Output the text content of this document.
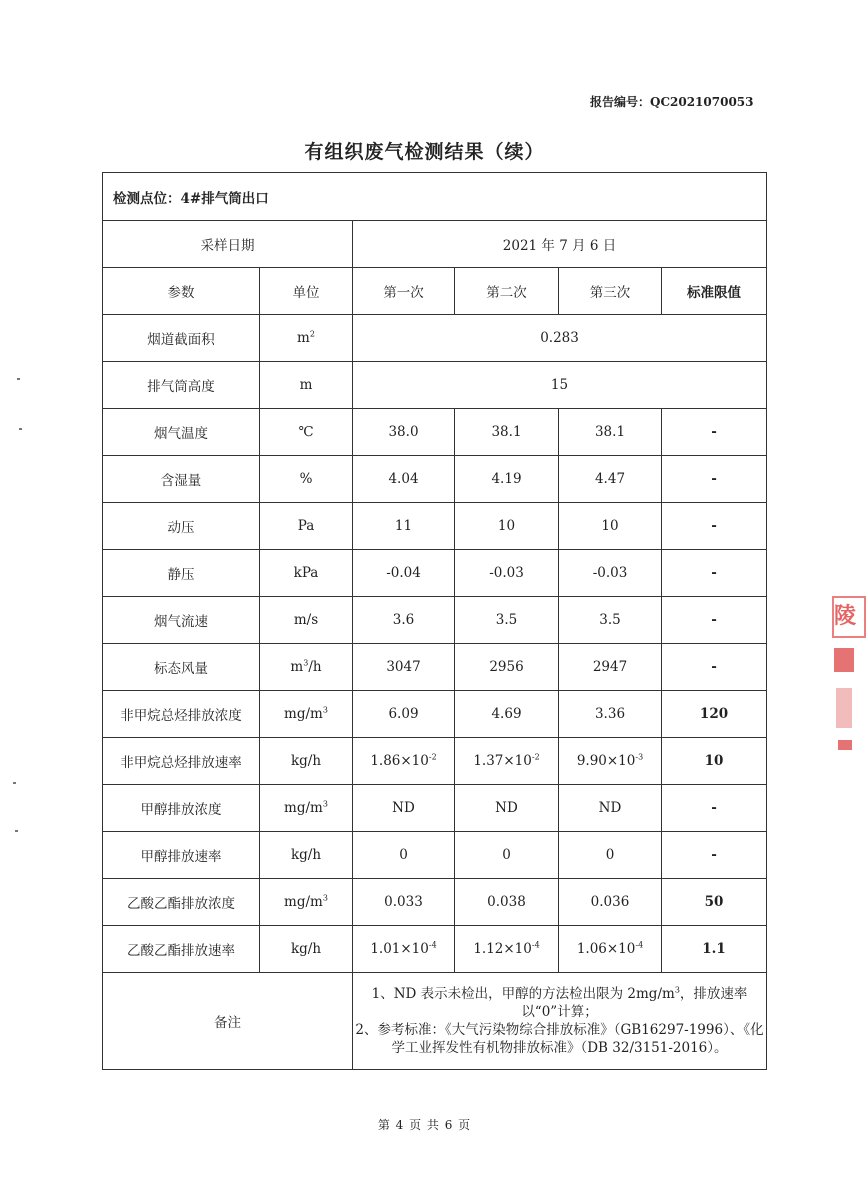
报告编号：QC2021070053
有组织废气检测结果（续）
检测点位：4#排气筒出口					
采样日期		2021 年 7 月 6 日			
参数	单位	第一次	第二次	第三次	标准限值
烟道截面积	$m^2$	0.283			
排气筒高度	m	15			
烟气温度	℃	38.0	38.1	38.1	-
含湿量	%	4.04	4.19	4.47	-
动压	Pa	11	10	10	-
静压	kPa	-0.04	-0.03	-0.03	-
烟气流速	m/s	3.6	3.5	3.5	-
标态风量	$m^3/h$	3047	2956	2947	-
非甲烷总烃排放浓度	$mg/m^3$	6.09	4.69	3.36	120
非甲烷总烃排放速率	kg/h	$1.86\times 10^{-2}$	$1.37\times 10^{-2}$	$9.90\times 10^{-3}$	10
甲醇排放浓度	$mg/m^3$	ND	ND	ND	-
甲醇排放速率	kg/h	0	0	0	-
乙酸乙酯排放浓度	$mg/m^3$	0.033	0.038	0.036	50
乙酸乙酯排放速率	kg/h	$1.01\times 10^{-4}$	$1.12\times 10^{-4}$	$1.06\times 10^{-4}$	1.1
备注		1、ND 表示未检出，甲醇的方法检出限为 $2mg/m^3$，排放速率以“0”计算；
2、参考标准：《大气污染物综合排放标准》（GB16297-1996）、《化学工业挥发性有机物排放标准》（DB 32/3151-2016）。			
第 4 页 共 6 页
陵
